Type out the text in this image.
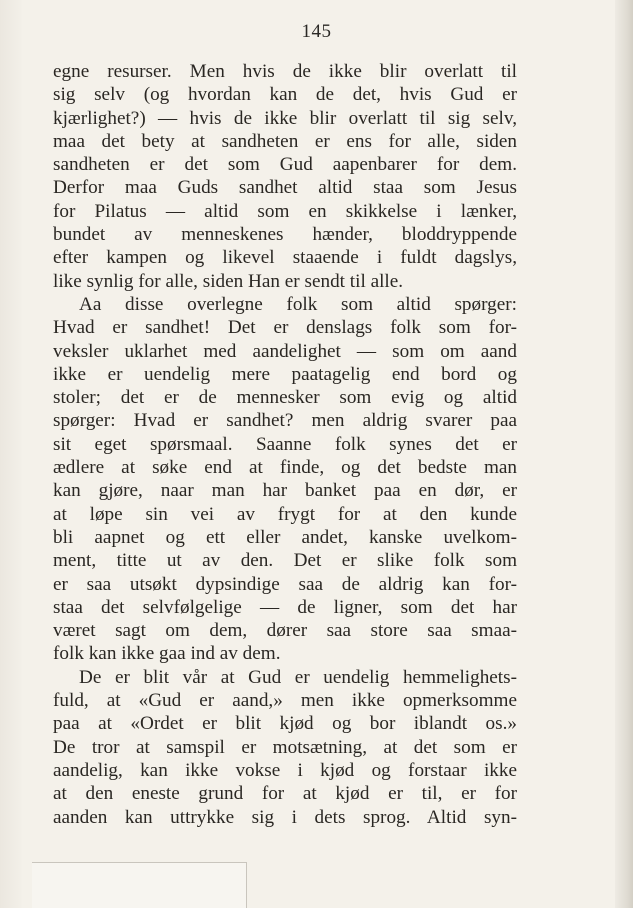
145
egne resurser. Men hvis de ikke blir overlatt til
sig selv (og hvordan kan de det, hvis Gud er
kjærlighet?) — hvis de ikke blir overlatt til sig selv,
maa det bety at sandheten er ens for alle, siden
sandheten er det som Gud aapenbarer for dem.
Derfor maa Guds sandhet altid staa som Jesus
for Pilatus — altid som en skikkelse i lænker,
bundet av menneskenes hænder, bloddryppende
efter kampen og likevel staaende i fuldt dagslys,
like synlig for alle, siden Han er sendt til alle.
Aa disse overlegne folk som altid spørger:
Hvad er sandhet! Det er denslags folk som for-
veksler uklarhet med aandelighet — som om aand
ikke er uendelig mere paatagelig end bord og
stoler; det er de mennesker som evig og altid
spørger: Hvad er sandhet? men aldrig svarer paa
sit eget spørsmaal. Saanne folk synes det er
ædlere at søke end at finde, og det bedste man
kan gjøre, naar man har banket paa en dør, er
at løpe sin vei av frygt for at den kunde
bli aapnet og ett eller andet, kanske uvelkom-
ment, titte ut av den. Det er slike folk som
er saa utsøkt dypsindige saa de aldrig kan for-
staa det selvfølgelige — de ligner, som det har
været sagt om dem, dører saa store saa smaa-
folk kan ikke gaa ind av dem.
De er blit vår at Gud er uendelig hemmelighets-
fuld, at «Gud er aand,» men ikke opmerksomme
paa at «Ordet er blit kjød og bor iblandt os.»
De tror at samspil er motsætning, at det som er
aandelig, kan ikke vokse i kjød og forstaar ikke
at den eneste grund for at kjød er til, er for
aanden kan uttrykke sig i dets sprog. Altid syn-
